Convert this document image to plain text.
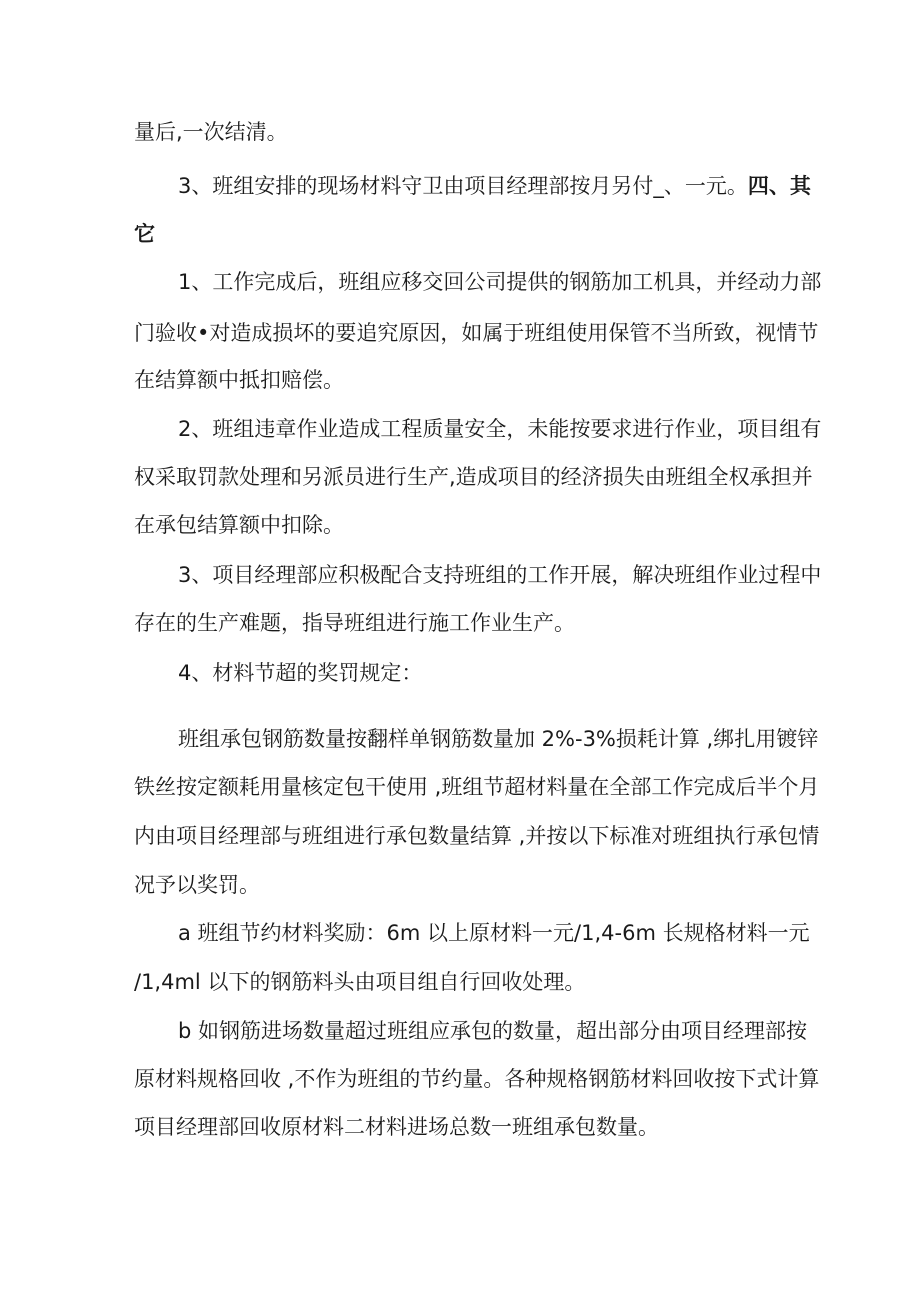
量后,一次结清。
3、班组安排的现场材料守卫由项目经理部按月另付_、一元。四、其
它
1、工作完成后，班组应移交回公司提供的钢筋加工机具，并经动力部
门验收•对造成损坏的要追究原因，如属于班组使用保管不当所致，视情节
在结算额中抵扣赔偿。
2、班组违章作业造成工程质量安全，未能按要求进行作业，项目组有
权采取罚款处理和另派员进行生产,造成项目的经济损失由班组全权承担并
在承包结算额中扣除。
3、项目经理部应积极配合支持班组的工作开展，解决班组作业过程中
存在的生产难题，指导班组进行施工作业生产。
4、材料节超的奖罚规定：
班组承包钢筋数量按翻样单钢筋数量加 2%-3%损耗计算 ,绑扎用镀锌
铁丝按定额耗用量核定包干使用 ,班组节超材料量在全部工作完成后半个月
内由项目经理部与班组进行承包数量结算 ,并按以下标准对班组执行承包情
况予以奖罚。
a 班组节约材料奖励：6m 以上原材料一元/1,4-6m 长规格材料一元
/1,4ml 以下的钢筋料头由项目组自行回收处理。
b 如钢筋进场数量超过班组应承包的数量，超出部分由项目经理部按
原材料规格回收 ,不作为班组的节约量。各种规格钢筋材料回收按下式计算
项目经理部回收原材料二材料进场总数一班组承包数量。
